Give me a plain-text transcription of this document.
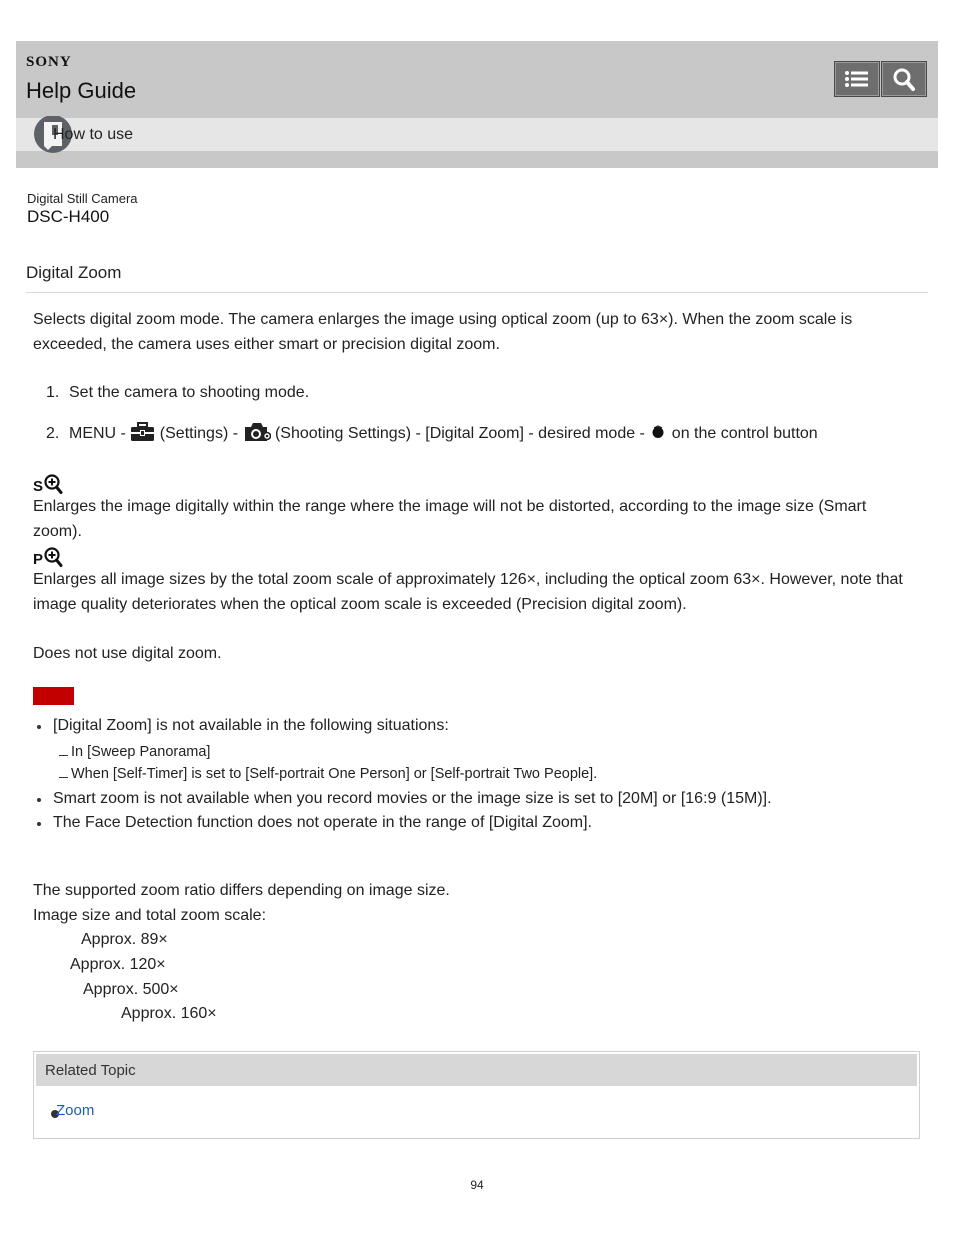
SONY
Help Guide
How to use
Digital Still Camera
DSC-H400
Digital Zoom
Selects digital zoom mode. The camera enlarges the image using optical zoom (up to 63×). When the zoom scale is exceeded, the camera uses either smart or precision digital zoom.
1. Set the camera to shooting mode.
2. MENU - (Settings) - (Shooting Settings) - [Digital Zoom] - desired mode - on the control button
S
Enlarges the image digitally within the range where the image will not be distorted, according to the image size (Smart zoom).
P
Enlarges all image sizes by the total zoom scale of approximately 126×, including the optical zoom 63×. However, note that image quality deteriorates when the optical zoom scale is exceeded (Precision digital zoom).
Does not use digital zoom.
[Digital Zoom] is not available in the following situations:
In [Sweep Panorama]
When [Self-Timer] is set to [Self-portrait One Person] or [Self-portrait Two People].
Smart zoom is not available when you record movies or the image size is set to [20M] or [16:9 (15M)].
The Face Detection function does not operate in the range of [Digital Zoom].
The supported zoom ratio differs depending on image size.
Image size and total zoom scale:
Approx. 89×
Approx. 120×
Approx. 500×
Approx. 160×
Related Topic
Zoom
94
